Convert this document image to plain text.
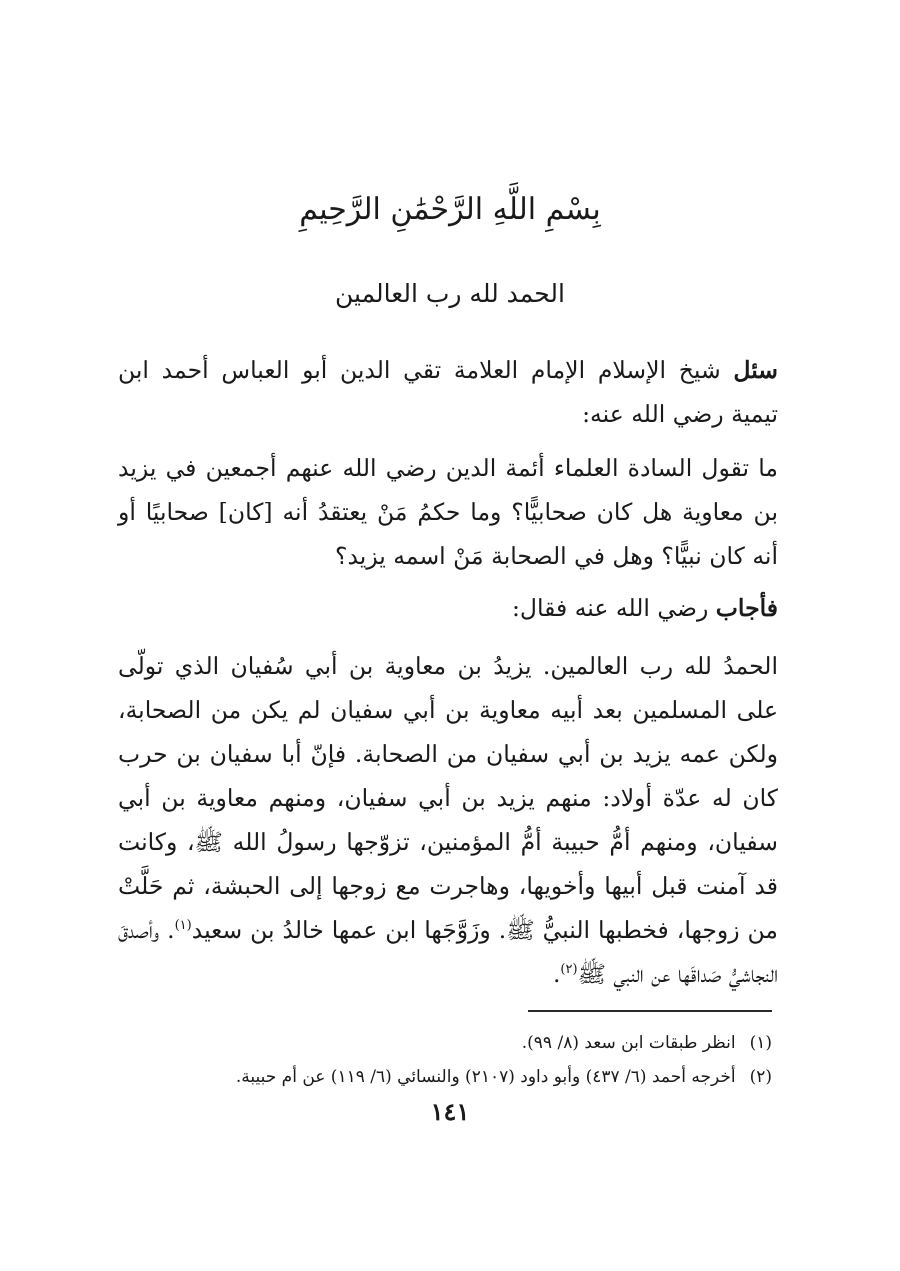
بِسْمِ اللَّهِ الرَّحْمَٰنِ الرَّحِيمِ
الحمد لله رب العالمين

سئل شيخ الإسلام الإمام العلامة تقي الدين أبو العباس أحمد ابن تيمية رضي الله عنه:

ما تقول السادة العلماء أئمة الدين رضي الله عنهم أجمعين في يزيد بن معاوية هل كان صحابيًّا؟ وما حكمُ مَنْ يعتقدُ أنه [كان] صحابيًا أو أنه كان نبيًّا؟ وهل في الصحابة مَنْ اسمه يزيد؟

فأجاب رضي الله عنه فقال:

الحمدُ لله رب العالمين. يزيدُ بن معاوية بن أبي سُفيان الذي تولّى على المسلمين بعد أبيه معاوية بن أبي سفيان لم يكن من الصحابة، ولكن عمه يزيد بن أبي سفيان من الصحابة. فإنّ أبا سفيان بن حرب كان له عدّة أولاد: منهم يزيد بن أبي سفيان، ومنهم معاوية بن أبي سفيان، ومنهم أمُّ حبيبة أمُّ المؤمنين، تزوّجها رسولُ الله ﷺ، وكانت قد آمنت قبل أبيها وأخويها، وهاجرت مع زوجها إلى الحبشة، ثم حَلَّتْ من زوجها، فخطبها النبيُّ ﷺ. وزَوَّجَها ابن عمها خالدُ بن سعيد$^{(١)}$. وأصدقَ النجاشيُّ صَداقَها عن النبي ﷺ$^{(٢)}$.

(١)انظر طبقات ابن سعد (٨/ ٩٩).
(٢)أخرجه أحمد (٦/ ٤٣٧) وأبو داود (٢١٠٧) والنسائي (٦/ ١١٩) عن أم حبيبة.
١٤١
